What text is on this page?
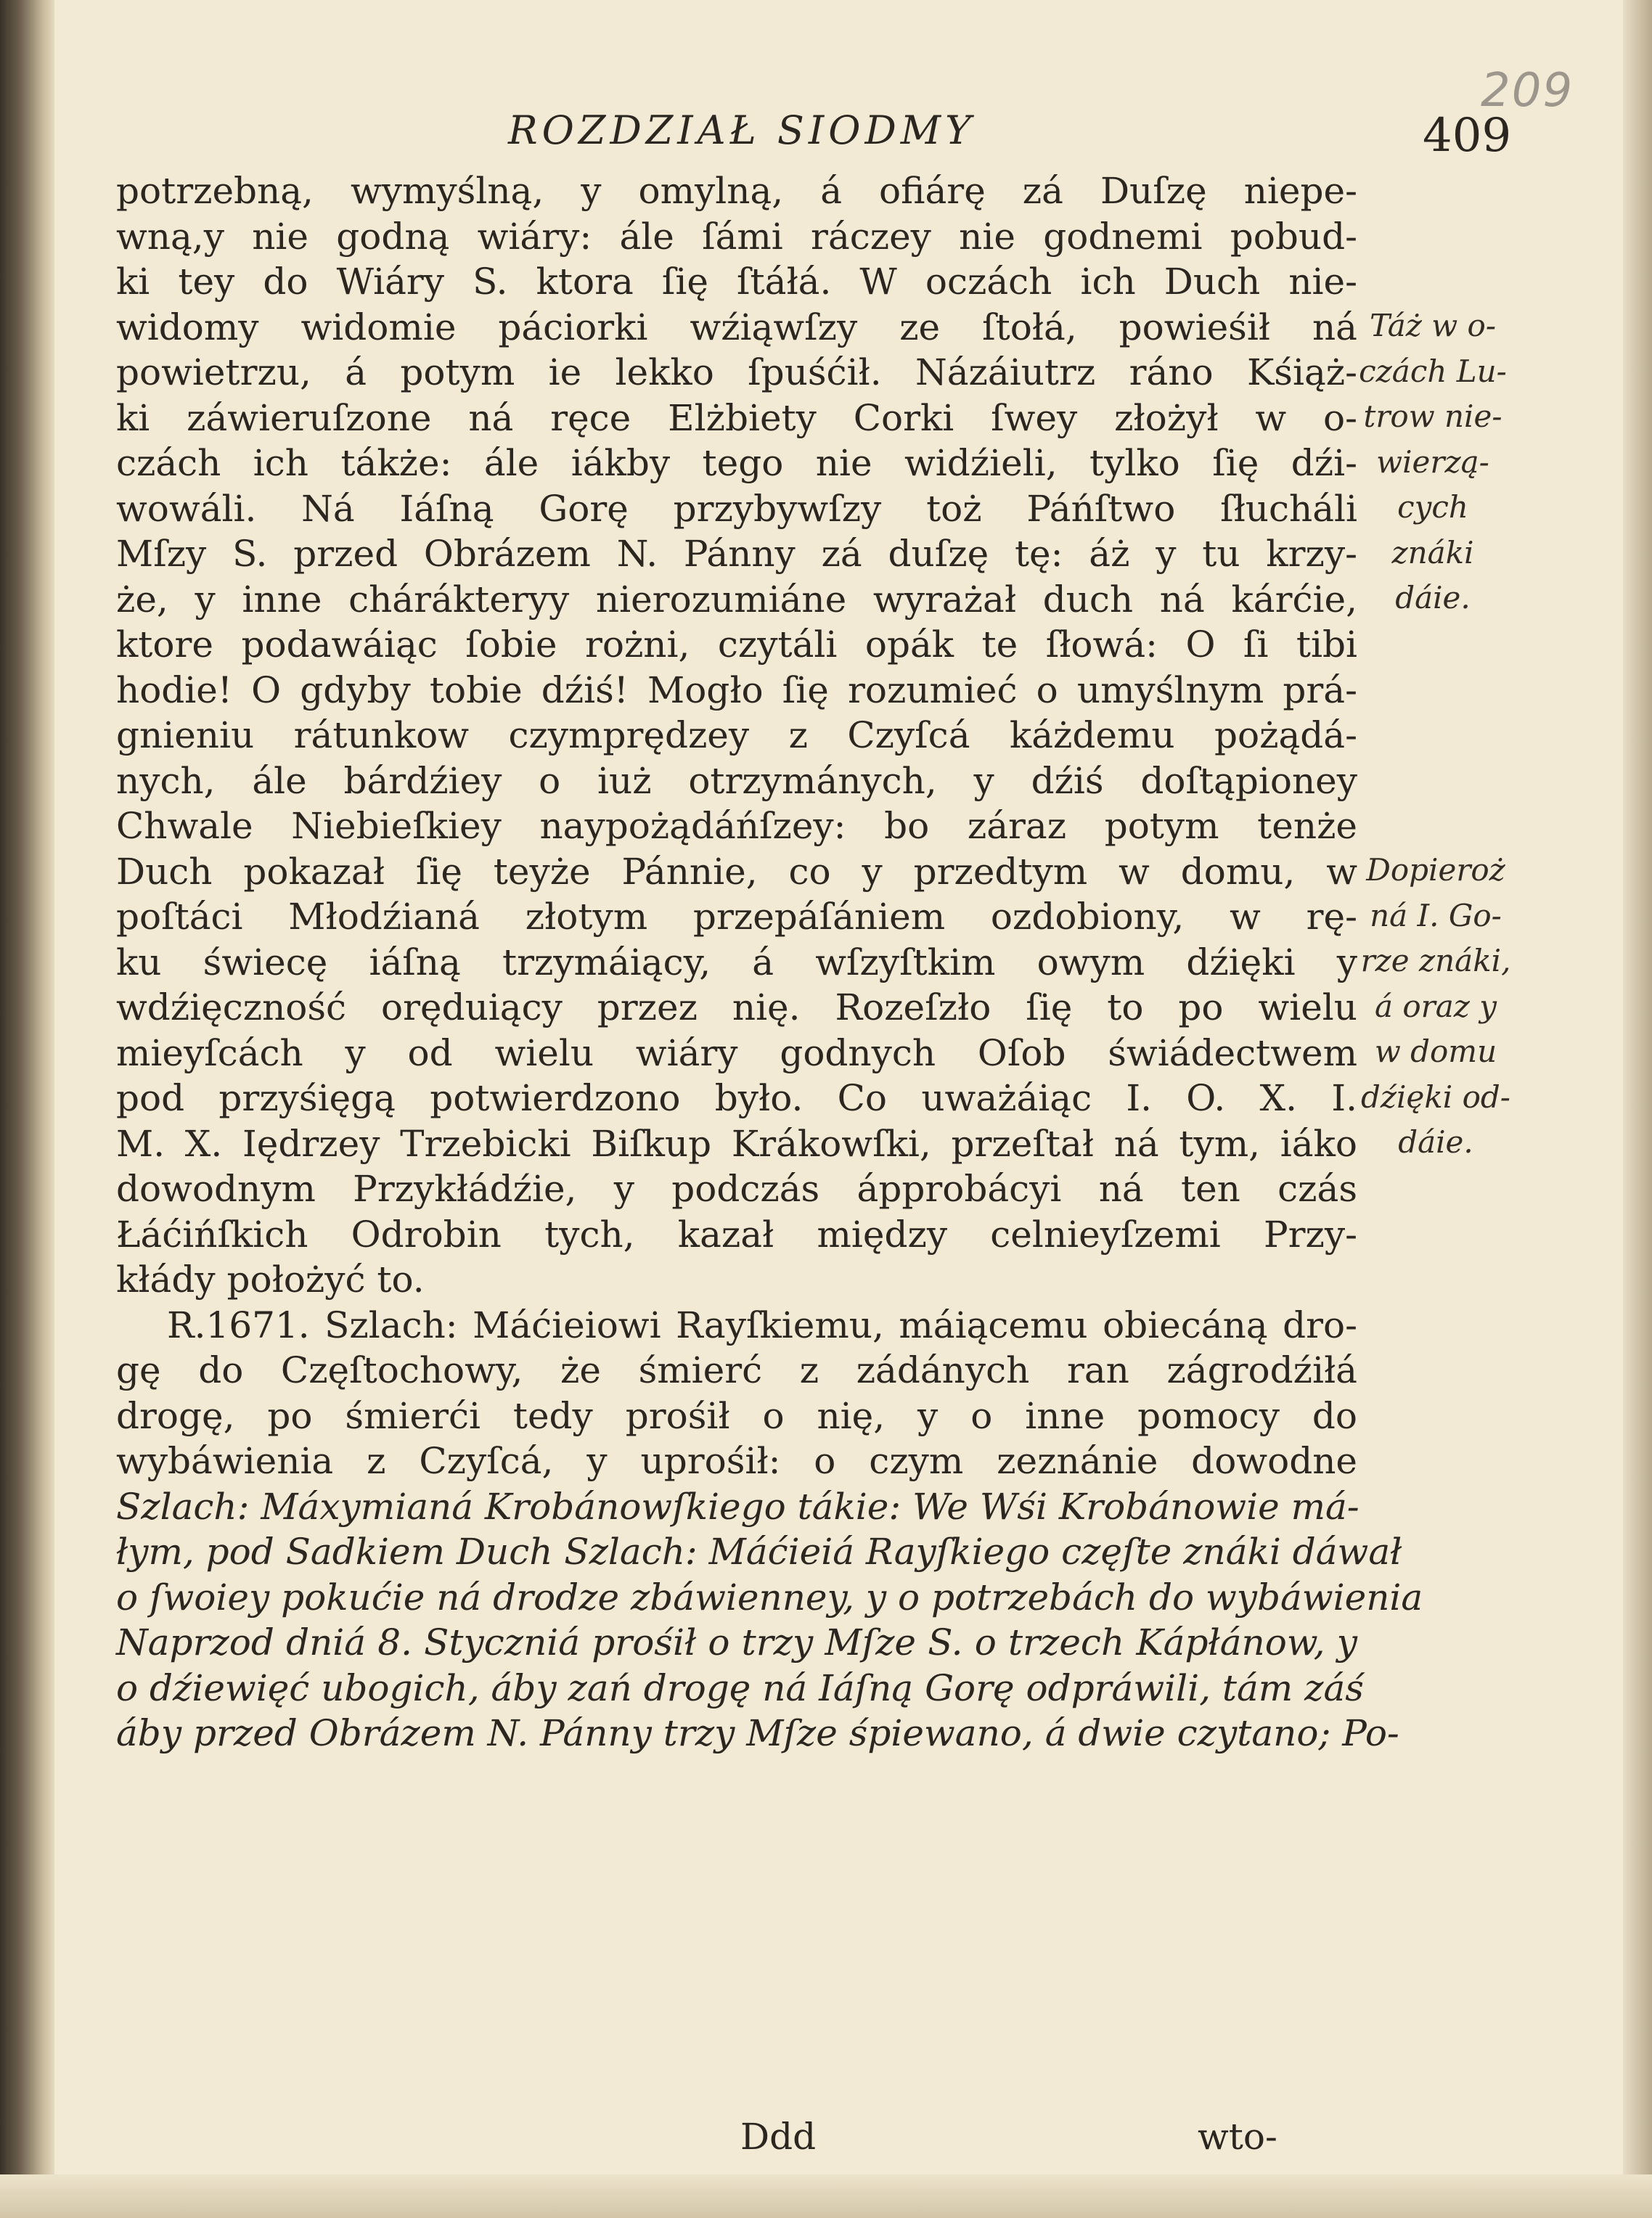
209
ROZDZIAŁ SIODMY	409
potrzebną, wymyślną, y omylną, á ofiárę zá Duſzę niepe-
wną,y nie godną wiáry: ále ſámi ráczey nie godnemi pobud-
ki tey do Wiáry S. ktora ſię ſtáłá. W oczách ich Duch nie-
widomy widomie páciorki wźiąwſzy ze ſtołá, powieśił ná
powietrzu, á potym ie lekko ſpuśćił. Názáiutrz ráno Kśiąż-
ki záwieruſzone ná ręce Elżbiety Corki ſwey złożył w o-
czách ich tákże: ále iákby tego nie widźieli, tylko ſię dźi-
wowáli. Ná Iáſną Gorę przybywſzy toż Páńſtwo ſłucháli
Mſzy S. przed Obrázem N. Pánny zá duſzę tę: áż y tu krzy-
że, y inne chárákteryy nierozumiáne wyrażał duch ná kárćie,
ktore podawáiąc ſobie rożni, czytáli opák te ſłowá: O ſi tibi
hodie! O gdyby tobie dźiś! Mogło ſię rozumieć o umyślnym prá-
gnieniu rátunkow czymprędzey z Czyſcá káżdemu pożądá-
nych, ále bárdźiey o iuż otrzymánych, y dźiś doſtąpioney
Chwale Niebieſkiey naypożądáńſzey: bo záraz potym tenże
Duch pokazał ſię teyże Pánnie, co y przedtym w domu, w
poſtáci Młodźianá złotym przepáſániem ozdobiony, w rę-
ku świecę iáſną trzymáiący, á wſzyſtkim owym dźięki y
wdźięczność oręduiący przez nię. Rozeſzło ſię to po wielu
mieyſcách y od wielu wiáry godnych Oſob świádectwem
pod przyśięgą potwierdzono było. Co uważáiąc I. O. X. I.
M. X. Iędrzey Trzebicki Biſkup Krákowſki, przeſtał ná tym, iáko
dowodnym Przykłádźie, y podczás ápprobácyi ná ten czás
Łáćińſkich Odrobin tych, kazał między celnieyſzemi Przy-
kłády położyć to.
R.1671. Szlach: Máćieiowi Rayſkiemu, máiącemu obiecáną dro-
gę do Częſtochowy, że śmierć z zádánych ran zágrodźiłá
drogę, po śmierći tedy prośił o nię, y o inne pomocy do
wybáwienia z Czyſcá, y uprośił: o czym zeznánie dowodne
Szlach: Máxymianá Krobánowſkiego tákie: We Wśi Krobánowie má-
łym, pod Sadkiem Duch Szlach: Máćieiá Rayſkiego częſte znáki dáwał
o ſwoiey pokućie ná drodze zbáwienney, y o potrzebách do wybáwienia
Naprzod dniá 8. Styczniá prośił o trzy Mſze S. o trzech Kápłánow, y
o dźiewięć ubogich, áby zań drogę ná Iáſną Gorę odpráwili, tám záś
áby przed Obrázem N. Pánny trzy Mſze śpiewano, á dwie czytano; Po-
Táż w o-
czách Lu-
trow nie-
wierzą-
cych znáki
dáie.
Dopieroż
ná I. Go-
rze znáki,
á oraz y
w domu
dźięki od-
dáie.
Ddd	wto-
